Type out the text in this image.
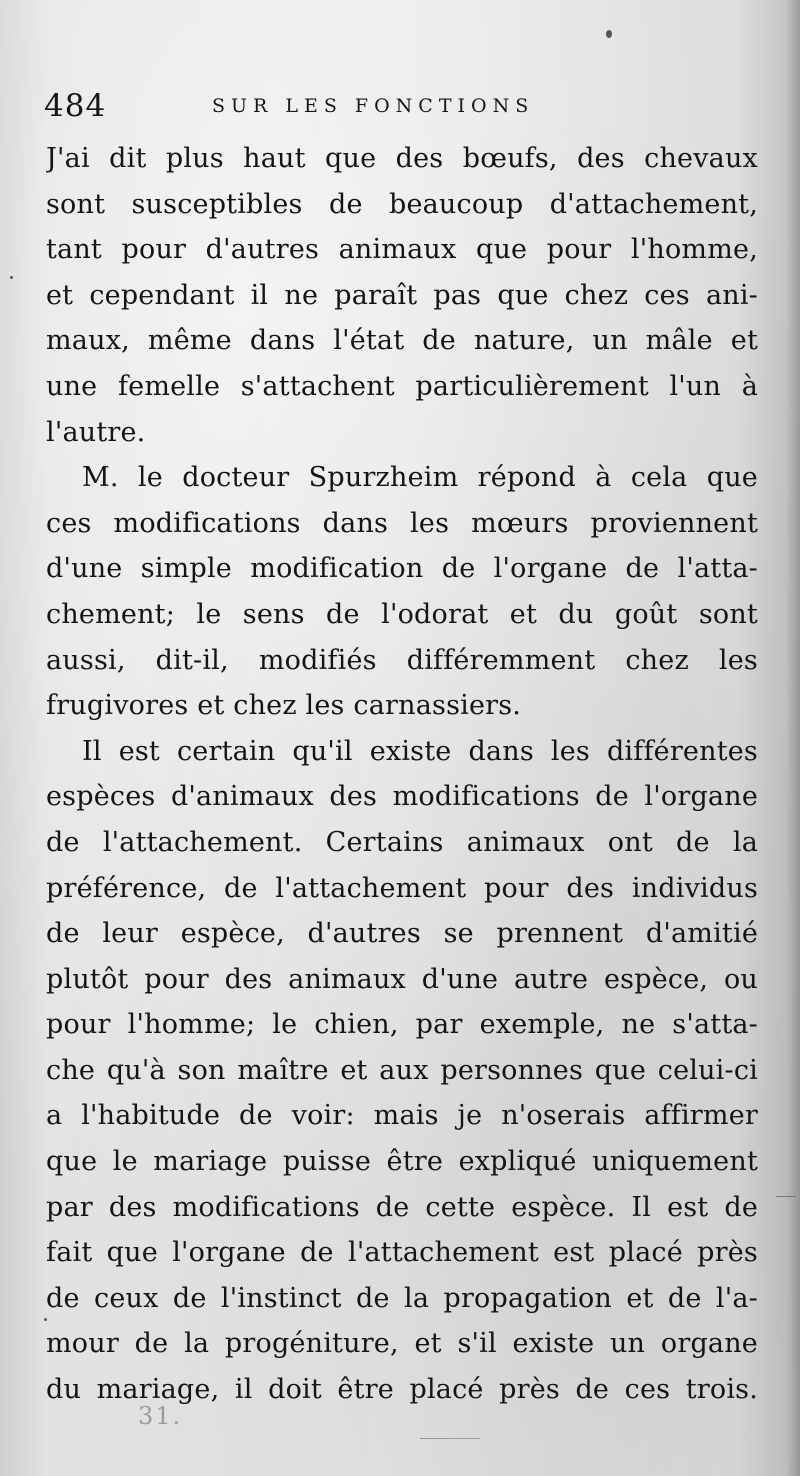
484	SUR LES FONCTIONS
J'ai dit plus haut que des bœufs, des chevaux
sont susceptibles de beaucoup d'attachement,
tant pour d'autres animaux que pour l'homme,
et cependant il ne paraît pas que chez ces ani-
maux, même dans l'état de nature, un mâle et
une femelle s'attachent particulièrement l'un à
l'autre.
M. le docteur Spurzheim répond à cela que
ces modifications dans les mœurs proviennent
d'une simple modification de l'organe de l'atta-
chement; le sens de l'odorat et du goût sont
aussi, dit-il, modifiés différemment chez les
frugivores et chez les carnassiers.
Il est certain qu'il existe dans les différentes
espèces d'animaux des modifications de l'organe
de l'attachement. Certains animaux ont de la
préférence, de l'attachement pour des individus
de leur espèce, d'autres se prennent d'amitié
plutôt pour des animaux d'une autre espèce, ou
pour l'homme; le chien, par exemple, ne s'atta-
che qu'à son maître et aux personnes que celui-ci
a l'habitude de voir: mais je n'oserais affirmer
que le mariage puisse être expliqué uniquement
par des modifications de cette espèce. Il est de
fait que l'organe de l'attachement est placé près
de ceux de l'instinct de la propagation et de l'a-
mour de la progéniture, et s'il existe un organe
du mariage, il doit être placé près de ces trois.
31.
